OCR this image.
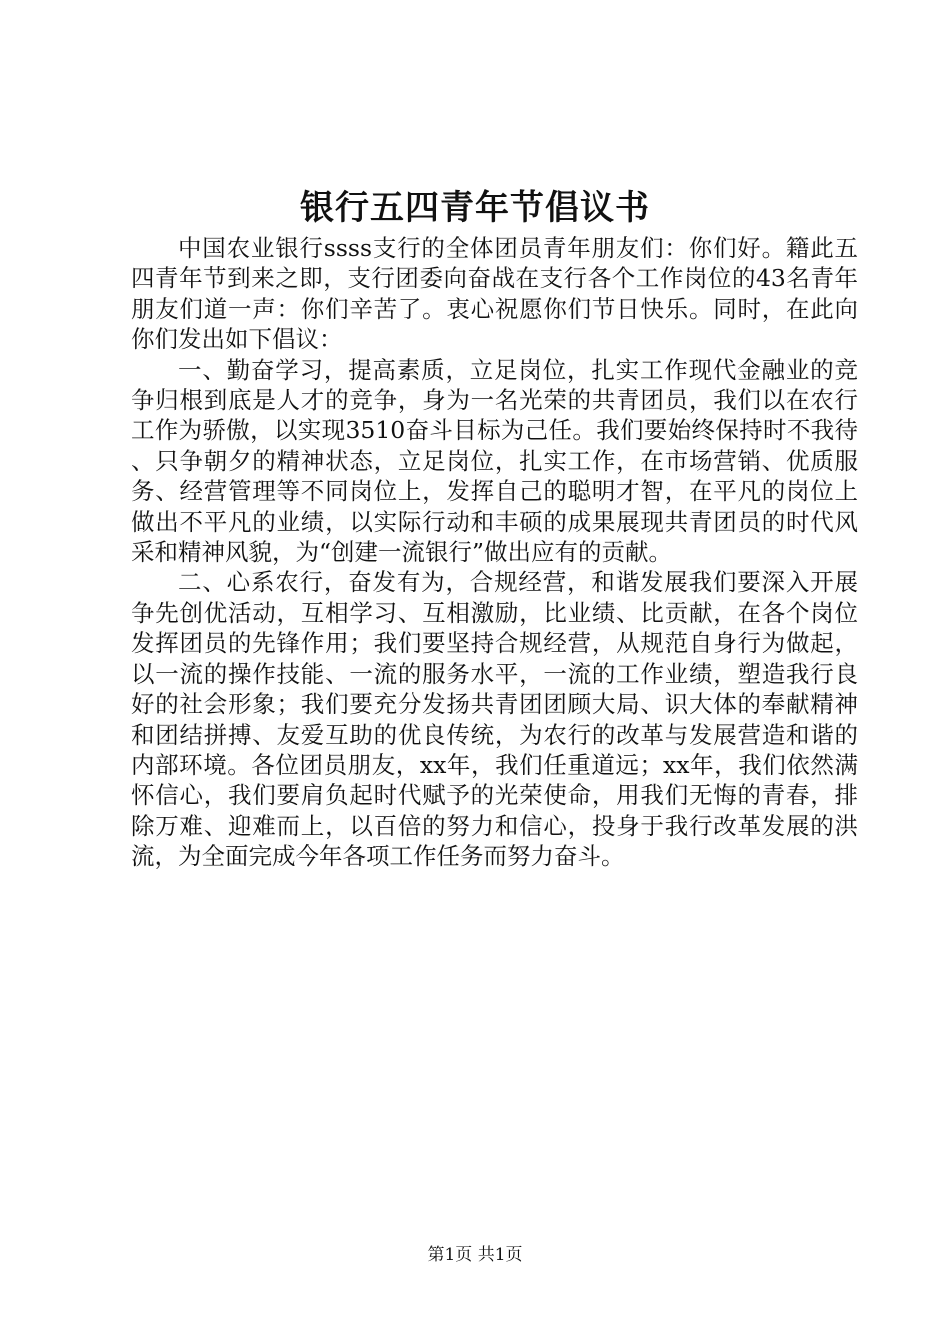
银行五四青年节倡议书

中国农业银行ssss支行的全体团员青年朋友们：你们好。籍此五四青年节到来之即，支行团委向奋战在支行各个工作岗位的43名青年朋友们道一声：你们辛苦了。衷心祝愿你们节日快乐。同时，在此向你们发出如下倡议：

一、勤奋学习，提高素质，立足岗位，扎实工作现代金融业的竞争归根到底是人才的竞争，身为一名光荣的共青团员，我们以在农行工作为骄傲，以实现3510奋斗目标为己任。我们要始终保持时不我待、只争朝夕的精神状态，立足岗位，扎实工作，在市场营销、优质服务、经营管理等不同岗位上，发挥自己的聪明才智，在平凡的岗位上做出不平凡的业绩，以实际行动和丰硕的成果展现共青团员的时代风采和精神风貌，为“创建一流银行”做出应有的贡献。

二、心系农行，奋发有为，合规经营，和谐发展我们要深入开展争先创优活动，互相学习、互相激励，比业绩、比贡献，在各个岗位发挥团员的先锋作用；我们要坚持合规经营，从规范自身行为做起，以一流的操作技能、一流的服务水平，一流的工作业绩，塑造我行良好的社会形象；我们要充分发扬共青团团顾大局、识大体的奉献精神和团结拼搏、友爱互助的优良传统，为农行的改革与发展营造和谐的内部环境。各位团员朋友，xx年，我们任重道远；xx年，我们依然满怀信心，我们要肩负起时代赋予的光荣使命，用我们无悔的青春，排除万难、迎难而上，以百倍的努力和信心，投身于我行改革发展的洪流，为全面完成今年各项工作任务而努力奋斗。

第1页 共1页
